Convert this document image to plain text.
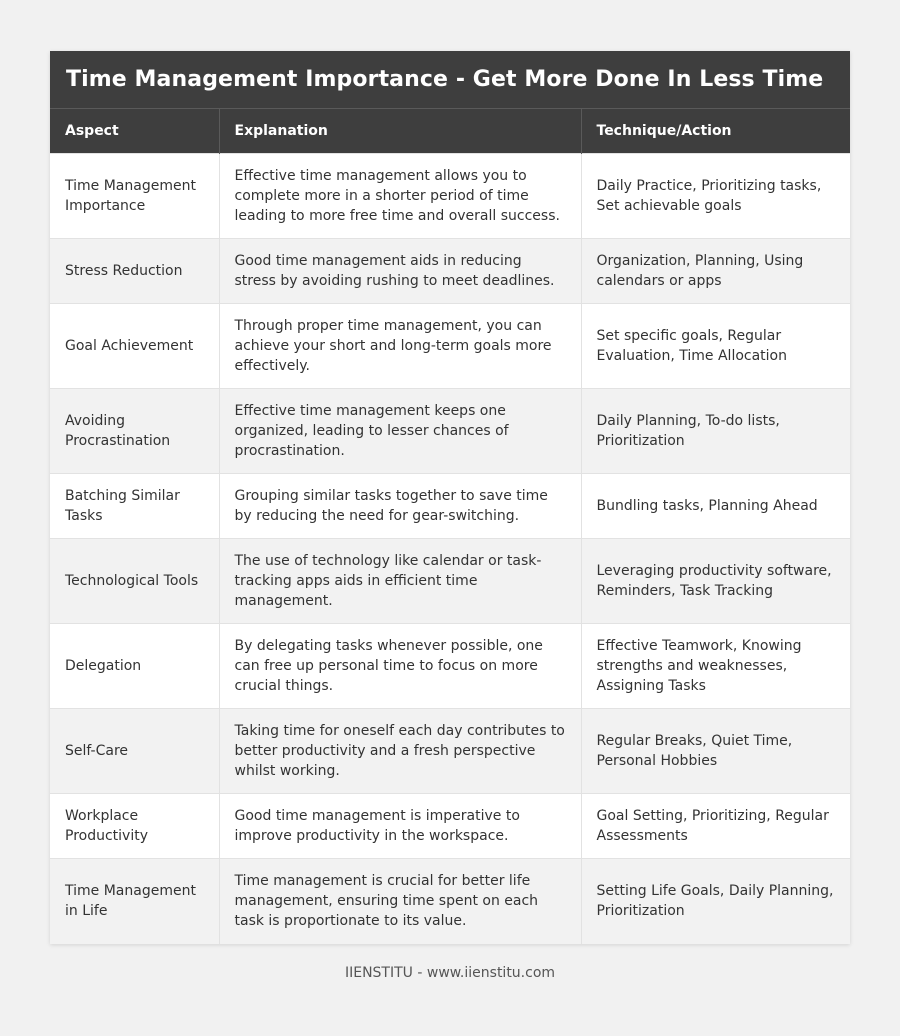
Time Management Importance - Get More Done In Less Time
Aspect	Explanation	Technique/Action
Time Management Importance	Effective time management allows you to complete more in a shorter period of time leading to more free time and overall success.	Daily Practice, Prioritizing tasks, Set achievable goals
Stress Reduction	Good time management aids in reducing stress by avoiding rushing to meet deadlines.	Organization, Planning, Using calendars or apps
Goal Achievement	Through proper time management, you can achieve your short and long-term goals more effectively.	Set specific goals, Regular Evaluation, Time Allocation
Avoiding Procrastination	Effective time management keeps one organized, leading to lesser chances of procrastination.	Daily Planning, To-do lists, Prioritization
Batching Similar Tasks	Grouping similar tasks together to save time by reducing the need for gear-switching.	Bundling tasks, Planning Ahead
Technological Tools	The use of technology like calendar or task-tracking apps aids in efficient time management.	Leveraging productivity software, Reminders, Task Tracking
Delegation	By delegating tasks whenever possible, one can free up personal time to focus on more crucial things.	Effective Teamwork, Knowing strengths and weaknesses, Assigning Tasks
Self-Care	Taking time for oneself each day contributes to better productivity and a fresh perspective whilst working.	Regular Breaks, Quiet Time, Personal Hobbies
Workplace Productivity	Good time management is imperative to improve productivity in the workspace.	Goal Setting, Prioritizing, Regular Assessments
Time Management in Life	Time management is crucial for better life management, ensuring time spent on each task is proportionate to its value.	Setting Life Goals, Daily Planning, Prioritization
IIENSTITU - www.iienstitu.com
